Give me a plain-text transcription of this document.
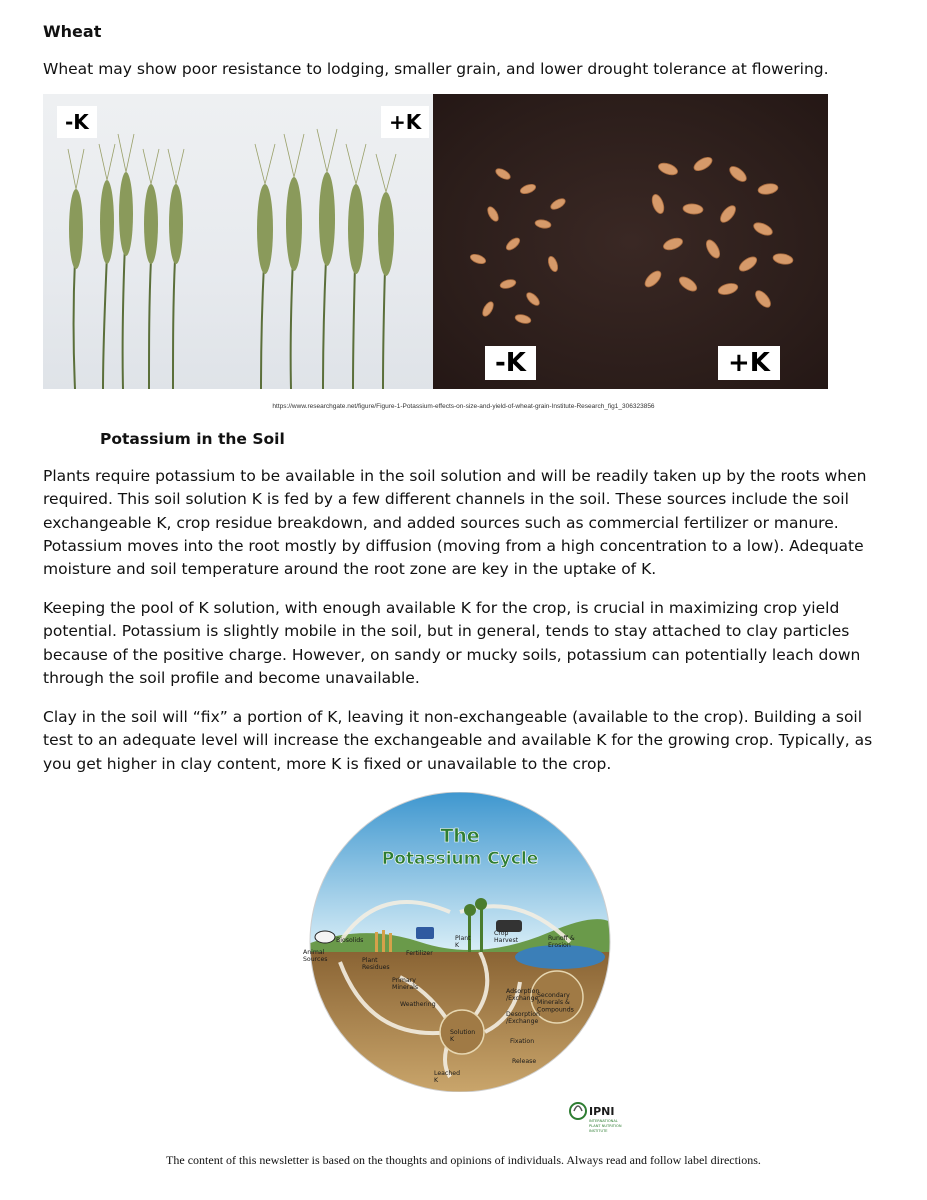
Wheat
Wheat may show poor resistance to lodging, smaller grain, and lower drought tolerance at flowering.
-K	+K
-K	+K
https://www.researchgate.net/figure/Figure-1-Potassium-effects-on-size-and-yield-of-wheat-grain-Institute-Research_fig1_306323856
Potassium in the Soil

Plants require potassium to be available in the soil solution and will be readily taken up by the roots when required. This soil solution K is fed by a few different channels in the soil. These sources include the soil exchangeable K, crop residue breakdown, and added sources such as commercial fertilizer or manure. Potassium moves into the root mostly by diffusion (moving from a high concentration to a low). Adequate moisture and soil temperature around the root zone are key in the uptake of K.

Keeping the pool of K solution, with enough available K for the crop, is crucial in maximizing crop yield potential. Potassium is slightly mobile in the soil, but in general, tends to stay attached to clay particles because of the positive charge. However, on sandy or mucky soils, potassium can potentially leach down through the soil profile and become unavailable.

Clay in the soil will “fix” a portion of K, leaving it non-exchangeable (available to the crop). Building a soil test to an adequate level will increase the exchangeable and available K for the growing crop. Typically, as you get higher in clay content, more K is fixed or unavailable to the crop.

The
Potassium Cycle
Animal Sources
Biosolids
Plant Residues
Fertilizer
Plant K
Crop Harvest	Runoff & Erosion
Primary Minerals
Weathering
Adsorption /Exchange
Desorption /Exchange
Secondary Minerals & Compounds
Solution K	Fixation
Release
Leached K
IPNI
INTERNATIONAL
PLANT NUTRITION
INSTITUTE
The content of this newsletter is based on the thoughts and opinions of individuals. Always read and follow label directions.
